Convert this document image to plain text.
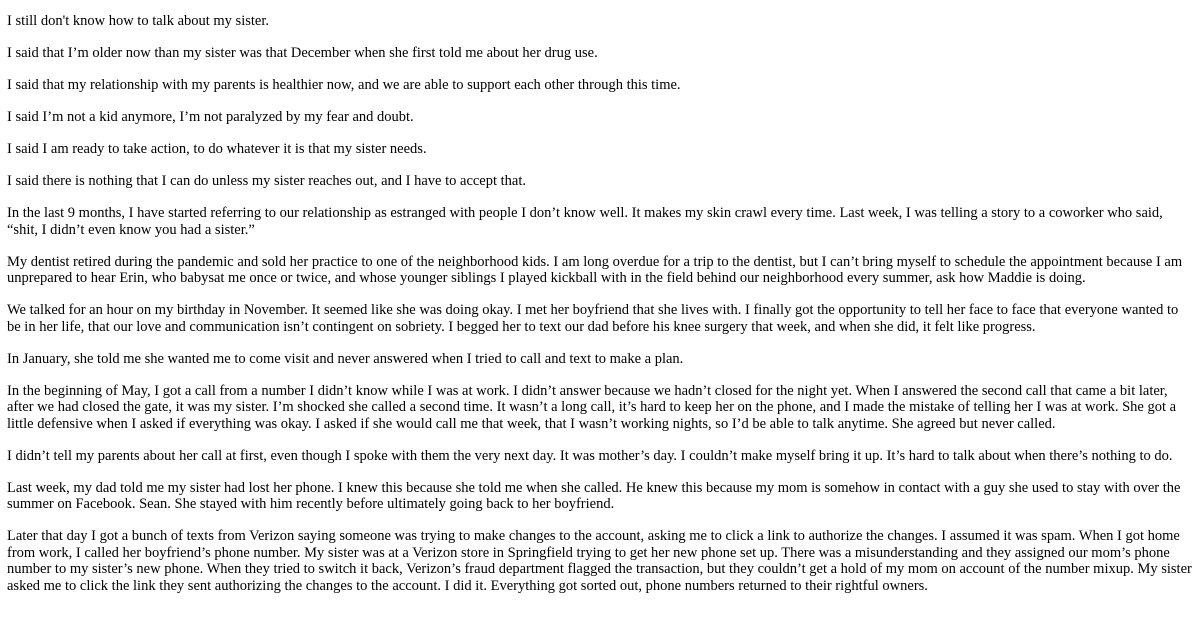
I still don't know how to talk about my sister.

I said that I’m older now than my sister was that December when she first told me about her drug use.

I said that my relationship with my parents is healthier now, and we are able to support each other through this time.

I said I’m not a kid anymore, I’m not paralyzed by my fear and doubt.

I said I am ready to take action, to do whatever it is that my sister needs.

I said there is nothing that I can do unless my sister reaches out, and I have to accept that.

In the last 9 months, I have started referring to our relationship as estranged with people I don’t know well. It makes my skin crawl every time. Last week, I was telling a story to a coworker who said, “shit, I didn’t even know you had a sister.”

My dentist retired during the pandemic and sold her practice to one of the neighborhood kids. I am long overdue for a trip to the dentist, but I can’t bring myself to schedule the appointment because I am unprepared to hear Erin, who babysat me once or twice, and whose younger siblings I played kickball with in the field behind our neighborhood every summer, ask how Maddie is doing.

We talked for an hour on my birthday in November. It seemed like she was doing okay. I met her boyfriend that she lives with. I finally got the opportunity to tell her face to face that everyone wanted to be in her life, that our love and communication isn’t contingent on sobriety. I begged her to text our dad before his knee surgery that week, and when she did, it felt like progress.

In January, she told me she wanted me to come visit and never answered when I tried to call and text to make a plan.

In the beginning of May, I got a call from a number I didn’t know while I was at work. I didn’t answer because we hadn’t closed for the night yet. When I answered the second call that came a bit later, after we had closed the gate, it was my sister. I’m shocked she called a second time. It wasn’t a long call, it’s hard to keep her on the phone, and I made the mistake of telling her I was at work. She got a little defensive when I asked if everything was okay. I asked if she would call me that week, that I wasn’t working nights, so I’d be able to talk anytime. She agreed but never called.

I didn’t tell my parents about her call at first, even though I spoke with them the very next day. It was mother’s day. I couldn’t make myself bring it up. It’s hard to talk about when there’s nothing to do.

Last week, my dad told me my sister had lost her phone. I knew this because she told me when she called. He knew this because my mom is somehow in contact with a guy she used to stay with over the summer on Facebook. Sean. She stayed with him recently before ultimately going back to her boyfriend.

Later that day I got a bunch of texts from Verizon saying someone was trying to make changes to the account, asking me to click a link to authorize the changes. I assumed it was spam. When I got home from work, I called her boyfriend’s phone number. My sister was at a Verizon store in Springfield trying to get her new phone set up. There was a misunderstanding and they assigned our mom’s phone number to my sister’s new phone. When they tried to switch it back, Verizon’s fraud department flagged the transaction, but they couldn’t get a hold of my mom on account of the number mixup. My sister asked me to click the link they sent authorizing the changes to the account. I did it. Everything got sorted out, phone numbers returned to their rightful owners.
